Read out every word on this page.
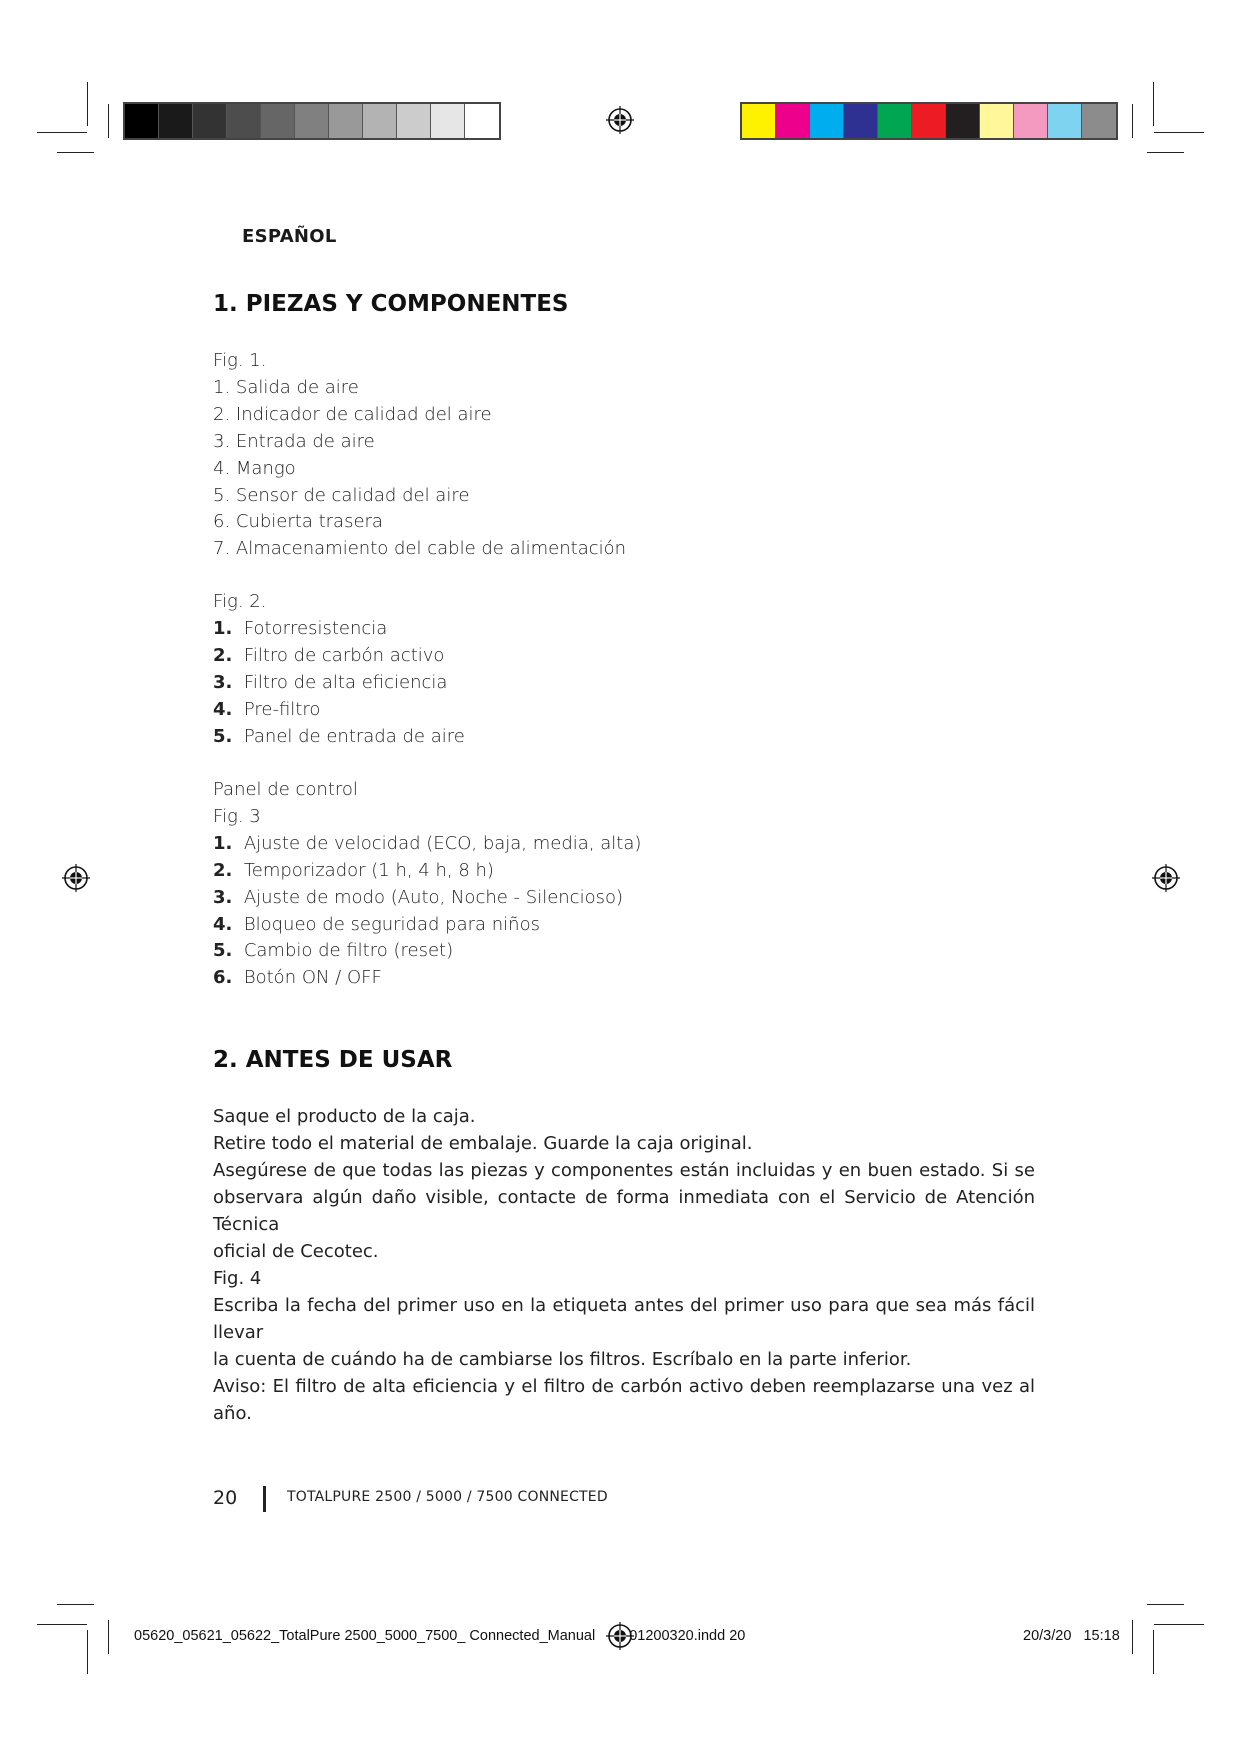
ESPAÑOL
1. PIEZAS Y COMPONENTES
Fig. 1.
1. Salida de aire
2. Indicador de calidad del aire
3. Entrada de aire
4. Mango
5. Sensor de calidad del aire
6. Cubierta trasera
7. Almacenamiento del cable de alimentación
Fig. 2.
1. Fotorresistencia
2. Filtro de carbón activo
3. Filtro de alta eficiencia
4. Pre-filtro
5. Panel de entrada de aire
Panel de control
Fig. 3
1. Ajuste de velocidad (ECO, baja, media, alta)
2. Temporizador (1 h, 4 h, 8 h)
3. Ajuste de modo (Auto, Noche - Silencioso)
4. Bloqueo de seguridad para niños
5. Cambio de filtro (reset)
6. Botón ON / OFF
2. ANTES DE USAR
Saque el producto de la caja.
Retire todo el material de embalaje. Guarde la caja original.
Asegúrese de que todas las piezas y componentes están incluidas y en buen estado. Si se
observara algún daño visible, contacte de forma inmediata con el Servicio de Atención Técnica
oficial de Cecotec.
Fig. 4
Escriba la fecha del primer uso en la etiqueta antes del primer uso para que sea más fácil llevar
la cuenta de cuándo ha de cambiarse los filtros. Escríbalo en la parte inferior.
Aviso: El filtro de alta eficiencia y el filtro de carbón activo deben reemplazarse una vez al año.
20	TOTALPURE 2500 / 5000 / 7500 CONNECTED
05620_05621_05622_TotalPure 2500_5000_7500_ Connected_Manual 01200320.indd 20	20/3/20 15:18
